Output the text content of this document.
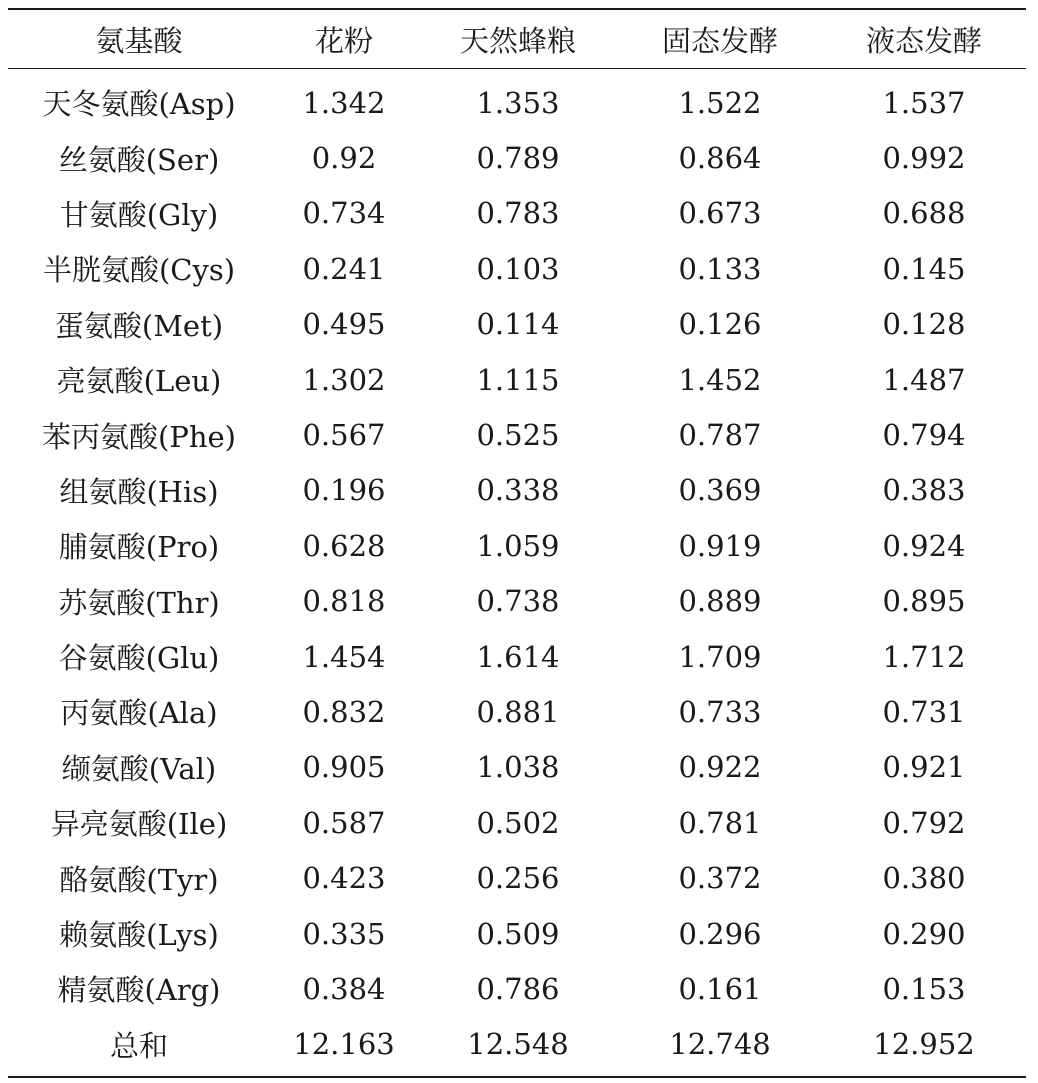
氨基酸	花粉	天然蜂粮	固态发酵	液态发酵
天冬氨酸(Asp)	1.342	1.353	1.522	1.537
丝氨酸(Ser)	0.92	0.789	0.864	0.992
甘氨酸(Gly)	0.734	0.783	0.673	0.688
半胱氨酸(Cys)	0.241	0.103	0.133	0.145
蛋氨酸(Met)	0.495	0.114	0.126	0.128
亮氨酸(Leu)	1.302	1.115	1.452	1.487
苯丙氨酸(Phe)	0.567	0.525	0.787	0.794
组氨酸(His)	0.196	0.338	0.369	0.383
脯氨酸(Pro)	0.628	1.059	0.919	0.924
苏氨酸(Thr)	0.818	0.738	0.889	0.895
谷氨酸(Glu)	1.454	1.614	1.709	1.712
丙氨酸(Ala)	0.832	0.881	0.733	0.731
缬氨酸(Val)	0.905	1.038	0.922	0.921
异亮氨酸(Ile)	0.587	0.502	0.781	0.792
酪氨酸(Tyr)	0.423	0.256	0.372	0.380
赖氨酸(Lys)	0.335	0.509	0.296	0.290
精氨酸(Arg)	0.384	0.786	0.161	0.153
总和	12.163	12.548	12.748	12.952
